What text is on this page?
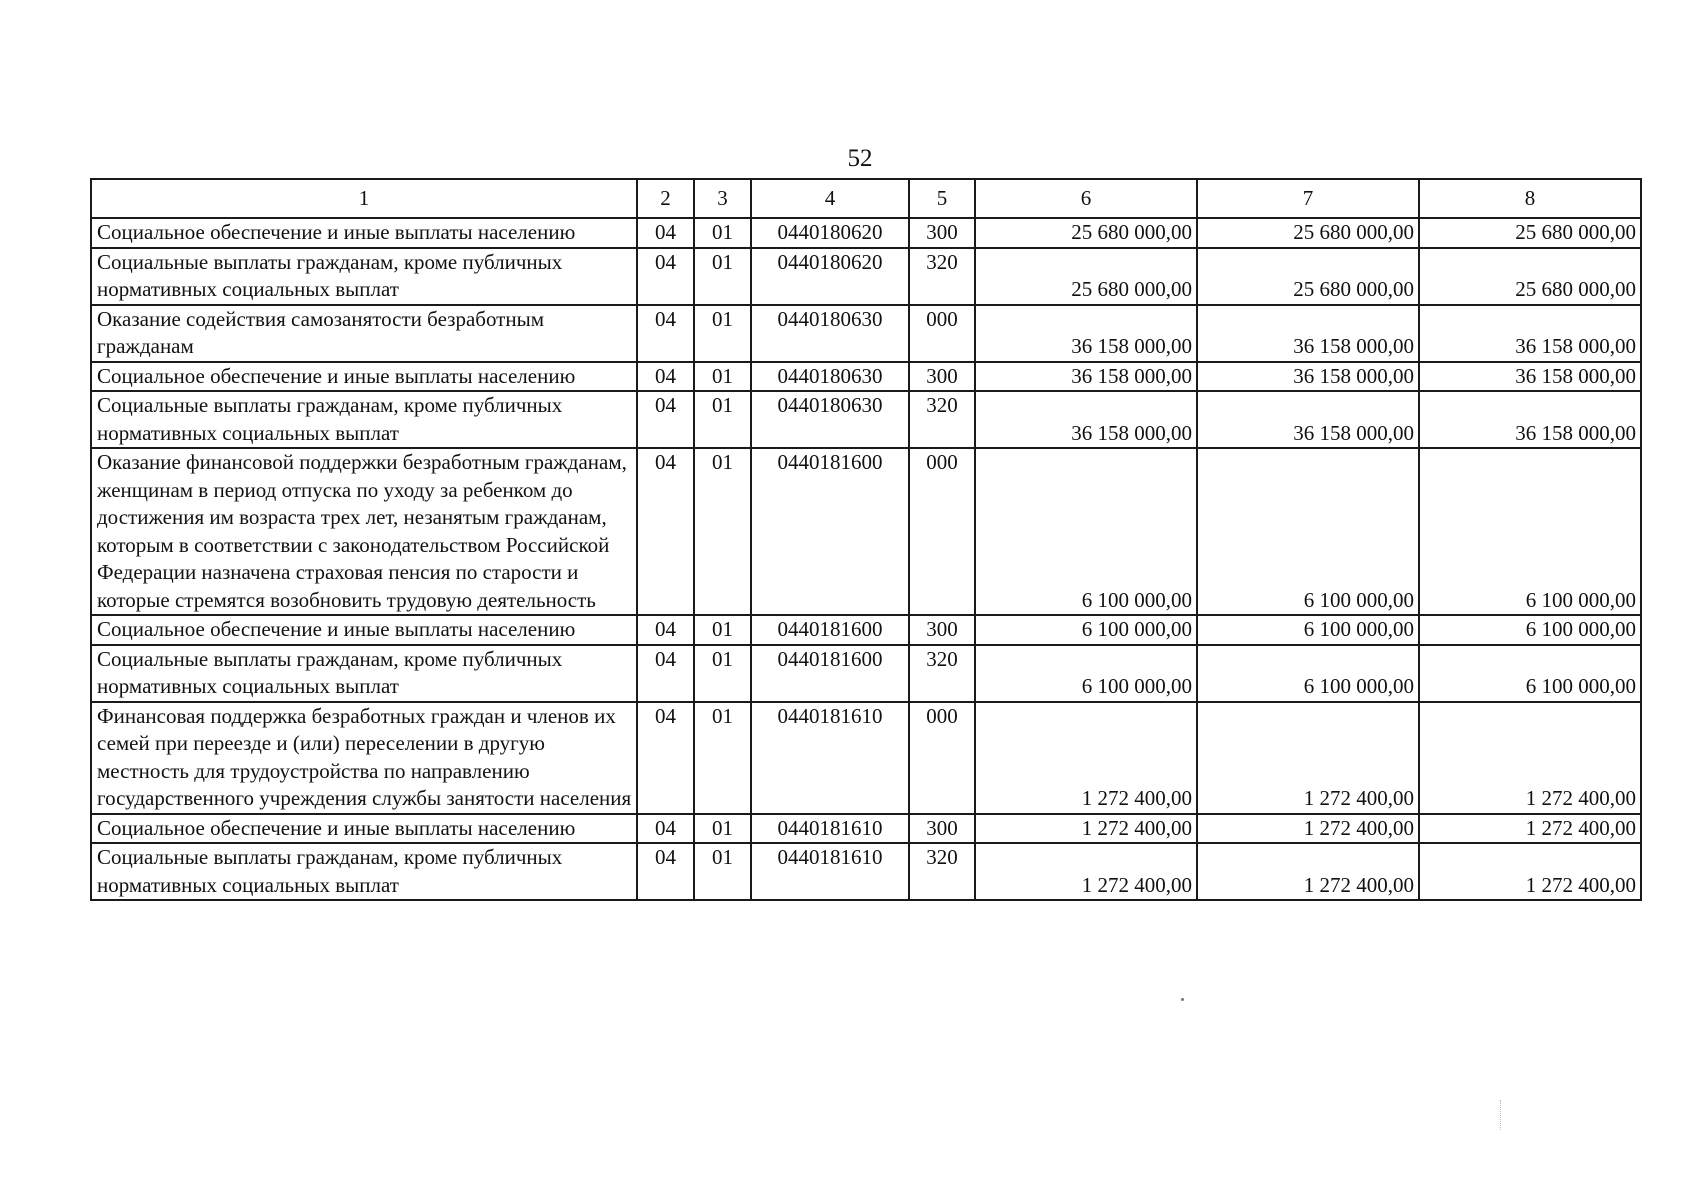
52
1	2	3	4	5	6	7	8
Социальное обеспечение и иные выплаты населению	04	01	0440180620	300	25 680 000,00	25 680 000,00	25 680 000,00
Социальные выплаты гражданам, кроме публичных нормативных социальных выплат	04	01	0440180620	320	25 680 000,00	25 680 000,00	25 680 000,00
Оказание содействия самозанятости безработным гражданам	04	01	0440180630	000	36 158 000,00	36 158 000,00	36 158 000,00
Социальное обеспечение и иные выплаты населению	04	01	0440180630	300	36 158 000,00	36 158 000,00	36 158 000,00
Социальные выплаты гражданам, кроме публичных нормативных социальных выплат	04	01	0440180630	320	36 158 000,00	36 158 000,00	36 158 000,00
Оказание финансовой поддержки безработным гражданам, женщинам в период отпуска по уходу за ребенком до достижения им возраста трех лет, незанятым гражданам, которым в соответствии с законодательством Российской Федерации назначена страховая пенсия по старости и которые стремятся возобновить трудовую деятельность	04	01	0440181600	000	6 100 000,00	6 100 000,00	6 100 000,00
Социальное обеспечение и иные выплаты населению	04	01	0440181600	300	6 100 000,00	6 100 000,00	6 100 000,00
Социальные выплаты гражданам, кроме публичных нормативных социальных выплат	04	01	0440181600	320	6 100 000,00	6 100 000,00	6 100 000,00
Финансовая поддержка безработных граждан и членов их семей при переезде и (или) переселении в другую местность для трудоустройства по направлению государственного учреждения службы занятости населения	04	01	0440181610	000	1 272 400,00	1 272 400,00	1 272 400,00
Социальное обеспечение и иные выплаты населению	04	01	0440181610	300	1 272 400,00	1 272 400,00	1 272 400,00
Социальные выплаты гражданам, кроме публичных нормативных социальных выплат	04	01	0440181610	320	1 272 400,00	1 272 400,00	1 272 400,00
